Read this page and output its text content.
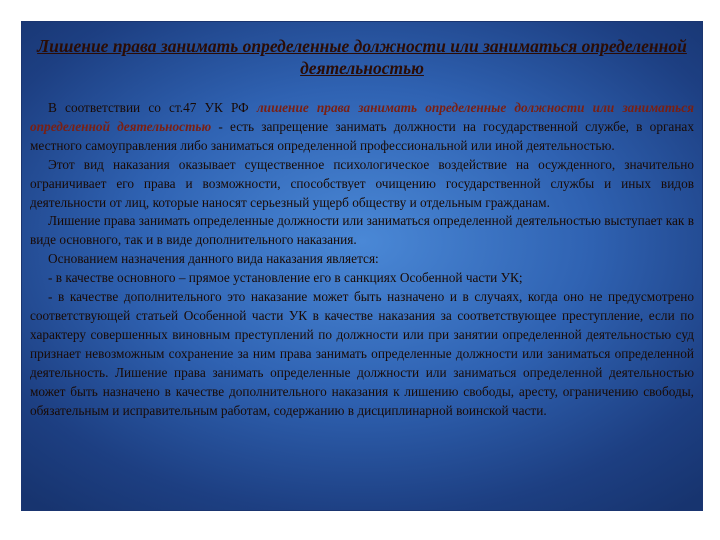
Лишение права занимать определенные должности или заниматься определенной деятельностью

В соответствии со ст.47 УК РФ лишение права занимать определенные должности или заниматься определенной деятельностью - есть запрещение занимать должности на государственной службе, в органах местного самоуправления либо заниматься определенной профессиональной или иной деятельностью.

Этот вид наказания оказывает существенное психологическое воздействие на осужденного, значительно ограничивает его права и возможности, способствует очищению государственной службы и иных видов деятельности от лиц, которые наносят серьезный ущерб обществу и отдельным гражданам.

Лишение права занимать определенные должности или заниматься определенной деятельностью выступает как в виде основного, так и в виде дополнительного наказания.

Основанием назначения данного вида наказания является:

- в качестве основного – прямое установление его в санкциях Особенной части УК;

- в качестве дополнительного это наказание может быть назначено и в случаях, когда оно не предусмотрено соответствующей статьей Особенной части УК в качестве наказания за соответствующее преступление, если по характеру совершенных виновным преступлений по должности или при занятии определенной деятельностью суд признает невозможным сохранение за ним права занимать определенные должности или заниматься определенной деятельность. Лишение права занимать определенные должности или заниматься определенной деятельностью может быть назначено в качестве дополнительного наказания к лишению свободы, аресту, ограничению свободы, обязательным и исправительным работам, содержанию в дисциплинарной воинской части.
